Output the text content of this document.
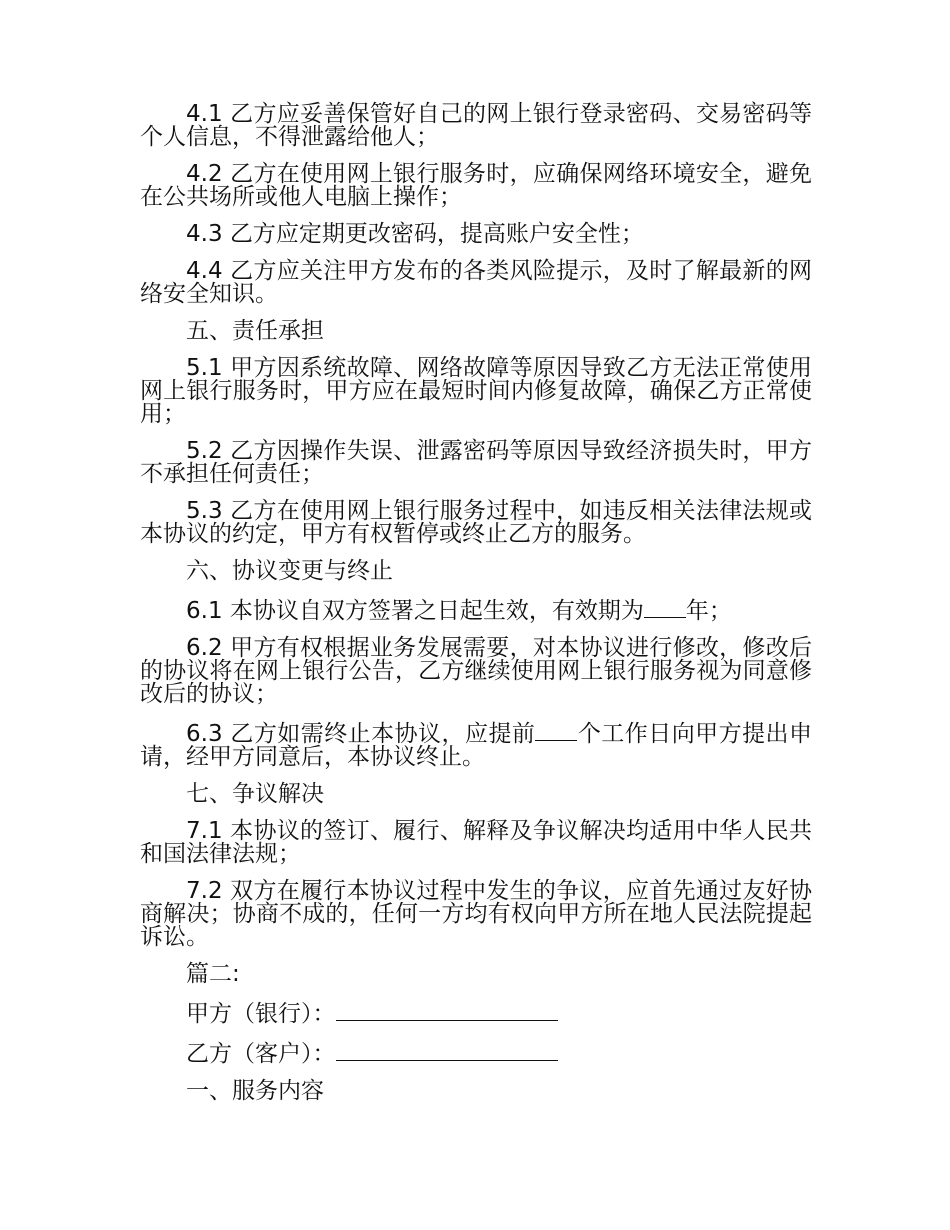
4.1 乙方应妥善保管好自己的网上银行登录密码、交易密码等个人信息，不得泄露给他人；

4.2 乙方在使用网上银行服务时，应确保网络环境安全，避免在公共场所或他人电脑上操作；

4.3 乙方应定期更改密码，提高账户安全性；

4.4 乙方应关注甲方发布的各类风险提示，及时了解最新的网络安全知识。

五、责任承担

5.1 甲方因系统故障、网络故障等原因导致乙方无法正常使用网上银行服务时，甲方应在最短时间内修复故障，确保乙方正常使用；

5.2 乙方因操作失误、泄露密码等原因导致经济损失时，甲方不承担任何责任；

5.3 乙方在使用网上银行服务过程中，如违反相关法律法规或本协议的约定，甲方有权暂停或终止乙方的服务。

六、协议变更与终止

6.1 本协议自双方签署之日起生效，有效期为 年；

6.2 甲方有权根据业务发展需要，对本协议进行修改，修改后的协议将在网上银行公告，乙方继续使用网上银行服务视为同意修改后的协议；

6.3 乙方如需终止本协议，应提前 个工作日向甲方提出申请，经甲方同意后，本协议终止。

七、争议解决

7.1 本协议的签订、履行、解释及争议解决均适用中华人民共和国法律法规；

7.2 双方在履行本协议过程中发生的争议，应首先通过友好协商解决；协商不成的，任何一方均有权向甲方所在地人民法院提起诉讼。

篇二:

甲方（银行）：

乙方（客户）：

一、服务内容
